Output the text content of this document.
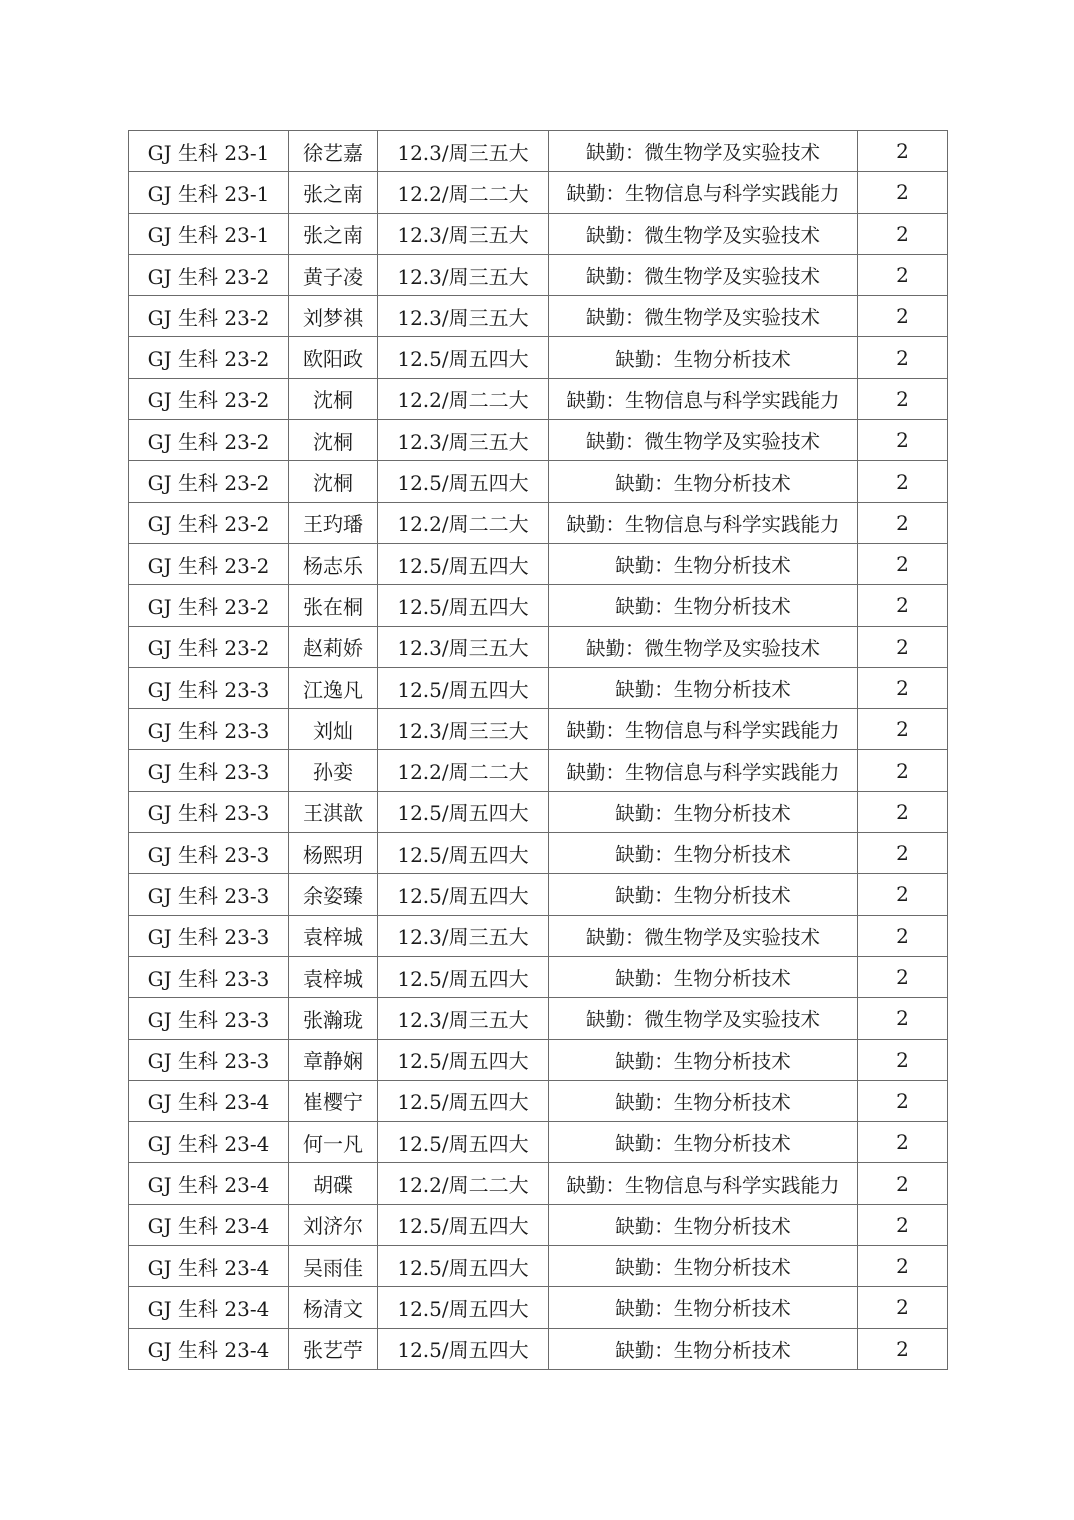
GJ 生科 23-1	徐艺嘉	12.3/周三五大	缺勤：微生物学及实验技术	2
GJ 生科 23-1	张之南	12.2/周二二大	缺勤：生物信息与科学实践能力	2
GJ 生科 23-1	张之南	12.3/周三五大	缺勤：微生物学及实验技术	2
GJ 生科 23-2	黄子凌	12.3/周三五大	缺勤：微生物学及实验技术	2
GJ 生科 23-2	刘梦祺	12.3/周三五大	缺勤：微生物学及实验技术	2
GJ 生科 23-2	欧阳政	12.5/周五四大	缺勤：生物分析技术	2
GJ 生科 23-2	沈桐	12.2/周二二大	缺勤：生物信息与科学实践能力	2
GJ 生科 23-2	沈桐	12.3/周三五大	缺勤：微生物学及实验技术	2
GJ 生科 23-2	沈桐	12.5/周五四大	缺勤：生物分析技术	2
GJ 生科 23-2	王玓璠	12.2/周二二大	缺勤：生物信息与科学实践能力	2
GJ 生科 23-2	杨志乐	12.5/周五四大	缺勤：生物分析技术	2
GJ 生科 23-2	张在桐	12.5/周五四大	缺勤：生物分析技术	2
GJ 生科 23-2	赵莉娇	12.3/周三五大	缺勤：微生物学及实验技术	2
GJ 生科 23-3	江逸凡	12.5/周五四大	缺勤：生物分析技术	2
GJ 生科 23-3	刘灿	12.3/周三三大	缺勤：生物信息与科学实践能力	2
GJ 生科 23-3	孙娈	12.2/周二二大	缺勤：生物信息与科学实践能力	2
GJ 生科 23-3	王淇歆	12.5/周五四大	缺勤：生物分析技术	2
GJ 生科 23-3	杨熙玥	12.5/周五四大	缺勤：生物分析技术	2
GJ 生科 23-3	余姿臻	12.5/周五四大	缺勤：生物分析技术	2
GJ 生科 23-3	袁梓城	12.3/周三五大	缺勤：微生物学及实验技术	2
GJ 生科 23-3	袁梓城	12.5/周五四大	缺勤：生物分析技术	2
GJ 生科 23-3	张瀚珑	12.3/周三五大	缺勤：微生物学及实验技术	2
GJ 生科 23-3	章静娴	12.5/周五四大	缺勤：生物分析技术	2
GJ 生科 23-4	崔樱宁	12.5/周五四大	缺勤：生物分析技术	2
GJ 生科 23-4	何一凡	12.5/周五四大	缺勤：生物分析技术	2
GJ 生科 23-4	胡碟	12.2/周二二大	缺勤：生物信息与科学实践能力	2
GJ 生科 23-4	刘济尔	12.5/周五四大	缺勤：生物分析技术	2
GJ 生科 23-4	吴雨佳	12.5/周五四大	缺勤：生物分析技术	2
GJ 生科 23-4	杨清文	12.5/周五四大	缺勤：生物分析技术	2
GJ 生科 23-4	张艺苧	12.5/周五四大	缺勤：生物分析技术	2
